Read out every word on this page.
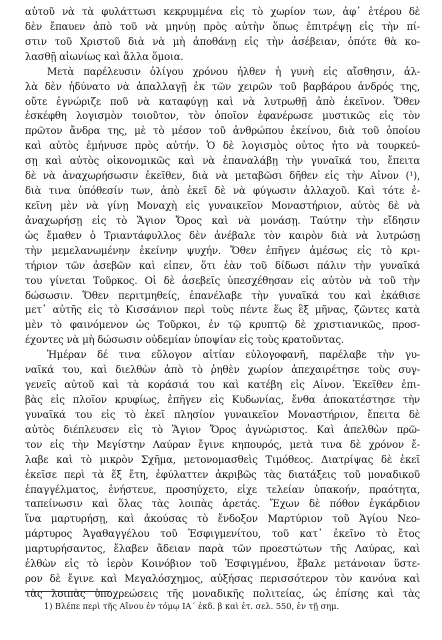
αὐτοῦ νὰ τὰ φυλάττωσι κεκρυμμένα εἰς τὸ χωρίον των, ἀφ᾿ ἑτέρου δὲ
δὲν ἔπαυεν ἀπὸ τοῦ νὰ μηνύῃ πρὸς αὐτὴν ὅπως ἐπιτρέψῃ εἰς τὴν πί-
στιν τοῦ Χριστοῦ διὰ νὰ μὴ ἀποθάνῃ εἰς τὴν ἀσέβειαν, ὁπότε θὰ κο-
λασθῇ αἰωνίως καὶ ἄλλα ὅμοια.
Μετὰ παρέλευσιν ὀλίγου χρόνου ἦλθεν ἡ γυνὴ εἰς αἴσθησιν, ἀλ-
λὰ δὲν ἠδύνατο νὰ ἀπαλλαγῇ ἐκ τῶν χειρῶν τοῦ βαρβάρου ἀνδρός της,
οὔτε ἐγνώριζε ποῦ νὰ καταφύγῃ καὶ νὰ λυτρωθῇ ἀπὸ ἐκεῖνον. Ὅθεν
ἐσκέφθη λογισμὸν τοιοῦτον, τὸν ὁποῖον ἐφανέρωσε μυστικῶς εἰς τὸν
πρῶτον ἄνδρα της, μὲ τὸ μέσον τοῦ ἀνθρώπου ἐκείνου, διὰ τοῦ ὁποίου
καὶ αὐτὸς ἐμήνυσε πρὸς αὐτήν. Ὁ δὲ λογισμὸς οὗτος ἦτο νὰ τουρκεύ-
σῃ καὶ αὐτὸς οἰκονομικῶς καὶ νὰ ἐπαναλάβῃ τὴν γυναῖκά του, ἔπειτα
δὲ νὰ ἀναχωρήσωσιν ἐκεῖθεν, διὰ νὰ μεταβῶσι δῆθεν εἰς τὴν Αἶνον (¹),
διὰ τινα ὑπόθεσίν των, ἀπὸ ἐκεῖ δὲ νὰ φύγωσιν ἀλλαχοῦ. Καὶ τότε ἐ-
κεῖνη μὲν νὰ γίνῃ Μοναχὴ εἰς γυναικεῖον Μοναστήριον, αὐτὸς δὲ νὰ
ἀναχωρήσῃ εἰς τὸ Ἅγιον Ὄρος καὶ νὰ μονάσῃ. Ταύτην τὴν εἴδησιν
ὡς ἔμαθεν ὁ Τριαντάφυλλος δὲν ἀνέβαλε τὸν καιρὸν διὰ νὰ λυτρώσῃ
τὴν μεμελανωμένην ἐκείνην ψυχήν. Ὅθεν ἐπῆγεν ἀμέσως εἰς τὸ κρι-
τήριον τῶν ἀσεβῶν καὶ εἶπεν, ὅτι ἐὰν τοῦ δίδωσι πάλιν τὴν γυναῖκά
του γίνεται Τοῦρκος. Οἱ δὲ ἀσεβεῖς ὑπεσχέθησαν εἰς αὐτὸν νὰ τοῦ τὴν
δώσωσιν. Ὅθεν περιτμηθείς, ἐπανέλαβε τὴν γυναῖκά του καὶ ἐκάθισε
μετ᾿ αὐτῆς εἰς τὸ Κισσάνιον περὶ τοὺς πέντε ἕως ἓξ μῆνας, ζῶντες κατὰ
μὲν τὸ φαινόμενον ὡς Τοῦρκοι, ἐν τῷ κρυπτῷ δὲ χριστιανικῶς, προσ-
έχοντες νὰ μὴ δώσωσιν οὐδεμίαν ὑποψίαν εἰς τοὺς κρατοῦντας.
Ἡμέραν δέ τινα εὔλογον αἰτίαν εὑλογοφανῆ, παρέλαβε τὴν γυ-
ναῖκά του, καὶ διελθὼν ἀπὸ τὸ ῥηθὲν χωρίον ἀπεχαιρέτησε τοὺς συγ-
γενεῖς αὐτοῦ καὶ τὰ κοράσιά του καὶ κατέβη εἰς Αἶνον. Ἐκεῖθεν ἐπι-
βὰς εἰς πλοῖον κρυφίως, ἐπῆγεν εἰς Κυδωνίας, ἔνθα ἀποκατέστησε τὴν
γυναῖκά του εἰς τὸ ἐκεῖ πλησίον γυναικεῖον Μοναστήριον, ἔπειτα δὲ
αὐτὸς διέπλευσεν εἰς τὸ Ἅγιον Ὄρος ἀγνώριστος. Καὶ ἀπελθὼν πρῶ-
τον εἰς τὴν Μεγίστην Λαύραν ἔγινε κηπουρός, μετὰ τινα δὲ χρόνον ἔ-
λαβε καὶ τὸ μικρὸν Σχῆμα, μετονομασθεὶς Τιμόθεος. Διατρίψας δὲ ἐκεῖ
ἐκεῖσε περὶ τὰ ἕξ ἔτη, ἐφύλαττεν ἀκριβῶς τὰς διατάξεις τοῦ μοναδικοῦ
ἐπαγγέλματος, ἐνήστευε, προσηύχετο, εἶχε τελείαν ὑπακοήν, πραότητα,
ταπείνωσιν καὶ ὅλας τὰς λοιπὰς ἀρετάς. Ἔχων δὲ πόθον ἐγκάρδιον
ἵνα μαρτυρήσῃ, καὶ ἀκούσας τὸ ἔνδοξον Μαρτύριον τοῦ Ἁγίου Νεο-
μάρτυρος Ἀγαθαγγέλου τοῦ Ἐσφιγμενίτου, τοῦ κατ᾿ ἐκεῖνο τὸ ἔτος
μαρτυρήσαντος, ἔλαβεν ἄδειαν παρὰ τῶν προεστώτων τῆς Λαύρας, καὶ
ἐλθὼν εἰς τὸ ἱερὸν Κοινόβιον τοῦ Ἐσφιγμένου, ἔβαλε μετάνοιαν ὕστε-
ρον δὲ ἔγινε καὶ Μεγαλόσχημος, αὐξήσας περισσότερον τὸν κανόνα καὶ
τὰς λοιπὰς ὑποχρεώσεις τῆς μοναδικῆς πολιτείας, ὡς ἐπίσης καὶ τὰς
1) Βλέπε περὶ τῆς Αἴνου ἐν τόμῳ ΙΑ΄ ἐκδ. β καὶ ἐτ. σελ. 550, ἐν τῇ σημ.
